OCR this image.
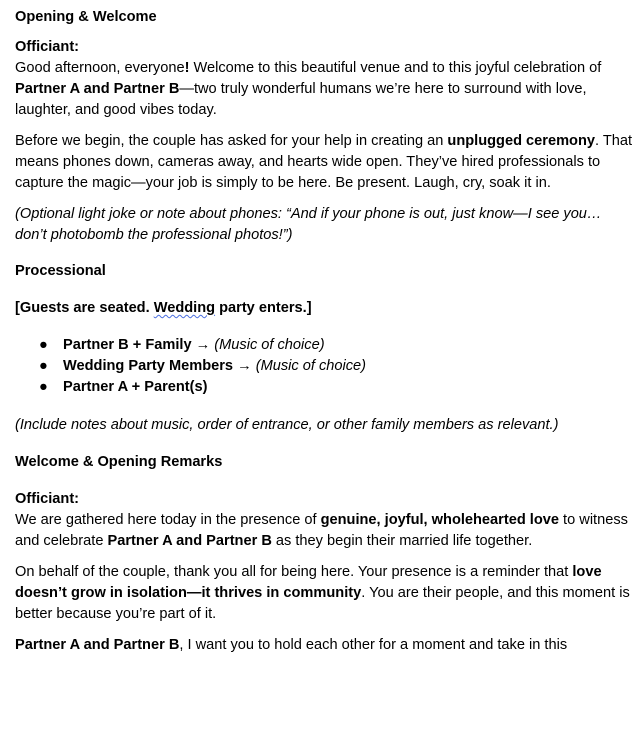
Opening & Welcome

Officiant:

Good afternoon, everyone! Welcome to this beautiful venue and to this joyful celebration of Partner A and Partner B—two truly wonderful humans we’re here to surround with love, laughter, and good vibes today.

Before we begin, the couple has asked for your help in creating an unplugged ceremony. That means phones down, cameras away, and hearts wide open. They’ve hired professionals to capture the magic—your job is simply to be here. Be present. Laugh, cry, soak it in.

(Optional light joke or note about phones: “And if your phone is out, just know—I see you… don’t photobomb the professional photos!”)

Processional

[Guests are seated. Wedding party enters.]

● Partner B + Family → (Music of choice)
● Wedding Party Members → (Music of choice)
● Partner A + Parent(s)

(Include notes about music, order of entrance, or other family members as relevant.)

Welcome & Opening Remarks

Officiant:

We are gathered here today in the presence of genuine, joyful, wholehearted love to witness and celebrate Partner A and Partner B as they begin their married life together.

On behalf of the couple, thank you all for being here. Your presence is a reminder that love doesn’t grow in isolation—it thrives in community. You are their people, and this moment is better because you’re part of it.

Partner A and Partner B, I want you to hold each other for a moment and take in this
